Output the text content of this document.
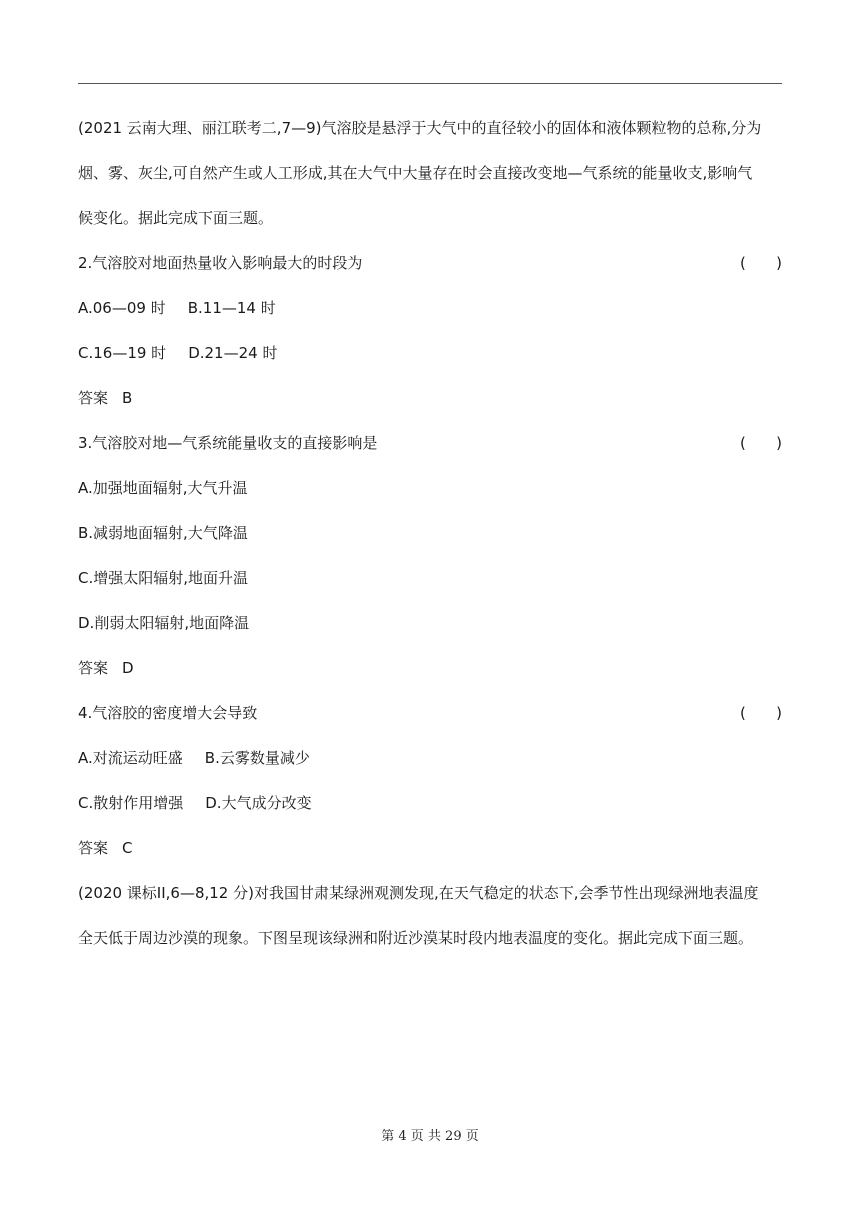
(2021 云南大理、丽江联考二,7—9)气溶胶是悬浮于大气中的直径较小的固体和液体颗粒物的总称,分为
烟、雾、灰尘,可自然产生或人工形成,其在大气中大量存在时会直接改变地—气系统的能量收支,影响气
候变化。据此完成下面三题。
2.气溶胶对地面热量收入影响最大的时段为	( )
A.06—09 时 B.11—14 时
C.16—19 时 D.21—24 时
答案 B
3.气溶胶对地—气系统能量收支的直接影响是	( )
A.加强地面辐射,大气升温
B.减弱地面辐射,大气降温
C.增强太阳辐射,地面升温
D.削弱太阳辐射,地面降温
答案 D
4.气溶胶的密度增大会导致	( )
A.对流运动旺盛 B.云雾数量减少
C.散射作用增强 D.大气成分改变
答案 C
(2020 课标II,6—8,12 分)对我国甘肃某绿洲观测发现,在天气稳定的状态下,会季节性出现绿洲地表温度
全天低于周边沙漠的现象。下图呈现该绿洲和附近沙漠某时段内地表温度的变化。据此完成下面三题。
第 4 页 共 29 页
